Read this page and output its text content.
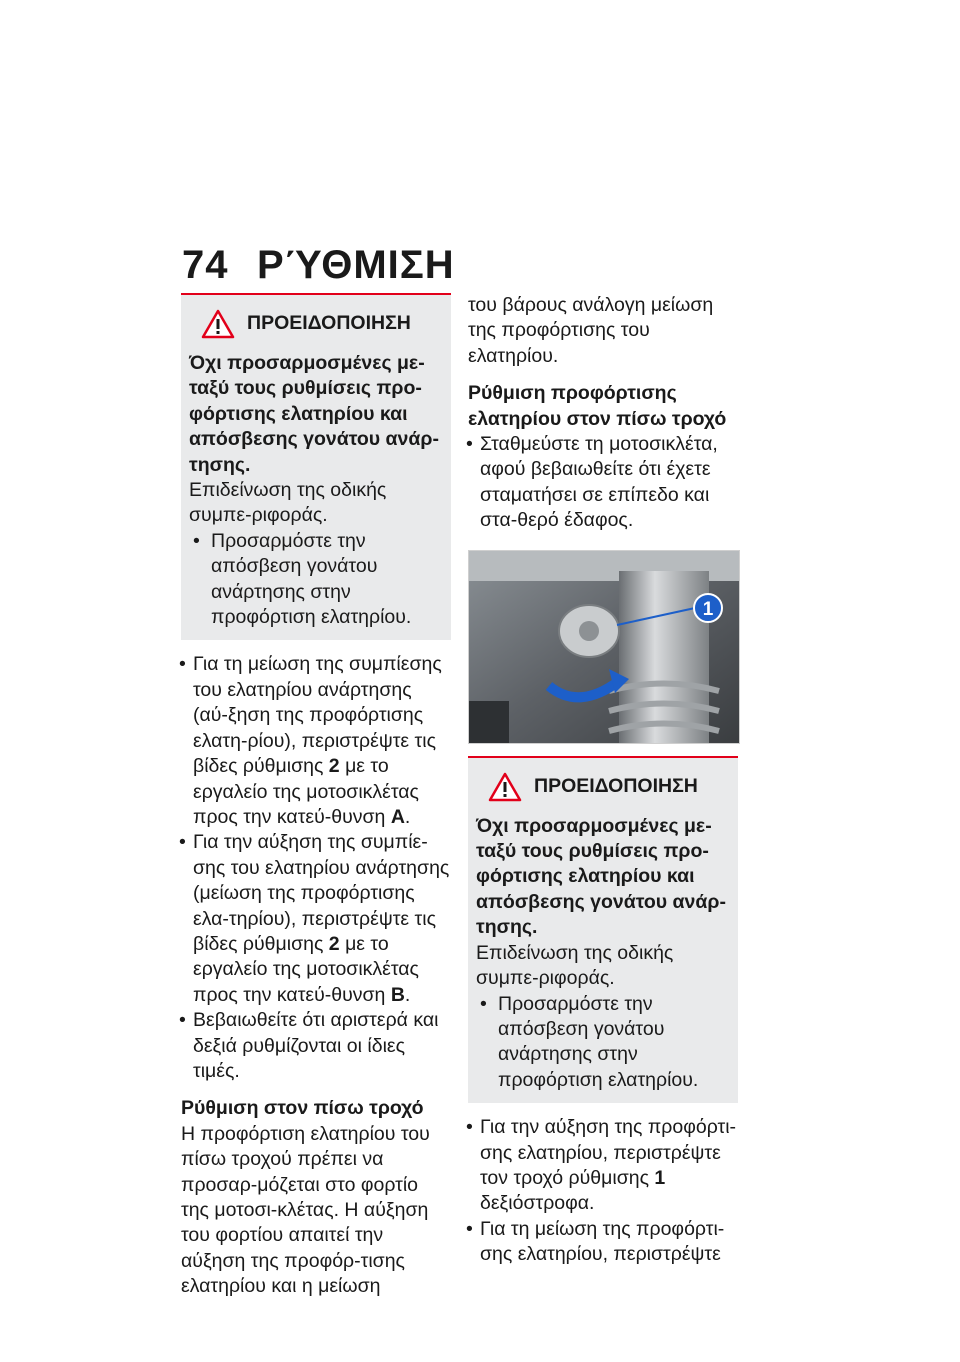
74 ΡΎΘΜΙΣΗ
ΠΡΟΕΙΔΟΠΟΙΗΣΗ

Όχι προσαρμοσμένες με-ταξύ τους ρυθμίσεις προ-φόρτισης ελατηρίου και απόσβεσης γονάτου ανάρ-τησης.

Επιδείνωση της οδικής συμπε-ριφοράς.

• Προσαρμόστε την απόσβεση γονάτου ανάρτησης στην προφόρτιση ελατηρίου.
• Για τη μείωση της συμπίεσης του ελατηρίου ανάρτησης (αύ-ξηση της προφόρτισης ελατη-ρίου), περιστρέψτε τις βίδες ρύθμισης 2 με το εργαλείο της μοτοσικλέτας προς την κατεύ-θυνση A.
• Για την αύξηση της συμπίε-σης του ελατηρίου ανάρτησης (μείωση της προφόρτισης ελα-τηρίου), περιστρέψτε τις βίδες ρύθμισης 2 με το εργαλείο της μοτοσικλέτας προς την κατεύ-θυνση B.
• Βεβαιωθείτε ότι αριστερά και δεξιά ρυθμίζονται οι ίδιες τιμές.

Ρύθμιση στον πίσω τροχό

Η προφόρτιση ελατηρίου του πίσω τροχού πρέπει να προσαρ-μόζεται στο φορτίο της μοτοσι-κλέτας. Η αύξηση του φορτίου απαιτεί την αύξηση της προφόρ-τισης ελατηρίου και η μείωση

του βάρους ανάλογη μείωση της προφόρτισης του ελατηρίου.

Ρύθμιση προφόρτισης ελατηρίου στον πίσω τροχό

• Σταθμεύστε τη μοτοσικλέτα, αφού βεβαιωθείτε ότι έχετε σταματήσει σε επίπεδο και στα-θερό έδαφος.
1
ΠΡΟΕΙΔΟΠΟΙΗΣΗ

Όχι προσαρμοσμένες με-ταξύ τους ρυθμίσεις προ-φόρτισης ελατηρίου και απόσβεσης γονάτου ανάρ-τησης.

Επιδείνωση της οδικής συμπε-ριφοράς.

• Προσαρμόστε την απόσβεση γονάτου ανάρτησης στην προφόρτιση ελατηρίου.
• Για την αύξηση της προφόρτι-σης ελατηρίου, περιστρέψτε τον τροχό ρύθμισης 1 δεξιόστροφα.
• Για τη μείωση της προφόρτι-σης ελατηρίου, περιστρέψτε
